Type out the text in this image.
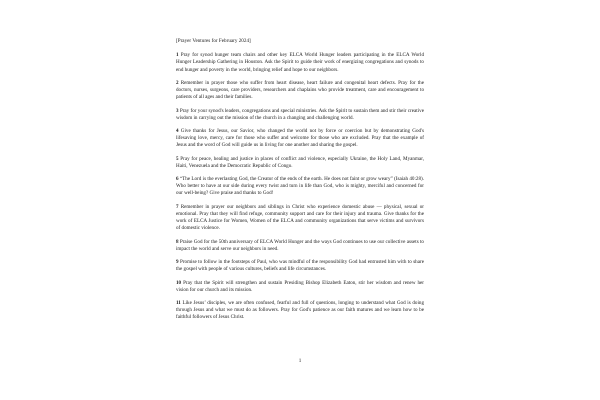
[Prayer Ventures for February 2024]

1 Pray for synod hunger team chairs and other key ELCA World Hunger leaders participating in the ELCA World Hunger Leadership Gathering in Houston. Ask the Spirit to guide their work of energizing congregations and synods to end hunger and poverty in the world, bringing relief and hope to our neighbors.

2 Remember in prayer those who suffer from heart disease, heart failure and congenital heart defects. Pray for the doctors, nurses, surgeons, care providers, researchers and chaplains who provide treatment, care and encouragement to patients of all ages and their families.

3 Pray for your synod's leaders, congregations and special ministries. Ask the Spirit to sustain them and stir their creative wisdom in carrying out the mission of the church in a changing and challenging world.

4 Give thanks for Jesus, our Savior, who changed the world not by force or coercion but by demonstrating God's lifesaving love, mercy, care for those who suffer and welcome for those who are excluded. Pray that the example of Jesus and the word of God will guide us in living for one another and sharing the gospel.

5 Pray for peace, healing and justice in places of conflict and violence, especially Ukraine, the Holy Land, Myanmar, Haiti, Venezuela and the Democratic Republic of Congo.

6 “The Lord is the everlasting God, the Creator of the ends of the earth. He does not faint or grow weary” (Isaiah 40:28). Who better to have at our side during every twist and turn in life than God, who is mighty, merciful and concerned for our well-being? Give praise and thanks to God!

7 Remember in prayer our neighbors and siblings in Christ who experience domestic abuse — physical, sexual or emotional. Pray that they will find refuge, community support and care for their injury and trauma. Give thanks for the work of ELCA Justice for Women, Women of the ELCA and community organizations that serve victims and survivors of domestic violence.

8 Praise God for the 50th anniversary of ELCA World Hunger and the ways God continues to use our collective assets to impact the world and serve our neighbors in need.

9 Promise to follow in the footsteps of Paul, who was mindful of the responsibility God had entrusted him with to share the gospel with people of various cultures, beliefs and life circumstances.

10 Pray that the Spirit will strengthen and sustain Presiding Bishop Elizabeth Eaton, stir her wisdom and renew her vision for our church and its mission.

11 Like Jesus’ disciples, we are often confused, fearful and full of questions, longing to understand what God is doing through Jesus and what we must do as followers. Pray for God's patience as our faith matures and we learn how to be faithful followers of Jesus Christ.

1
